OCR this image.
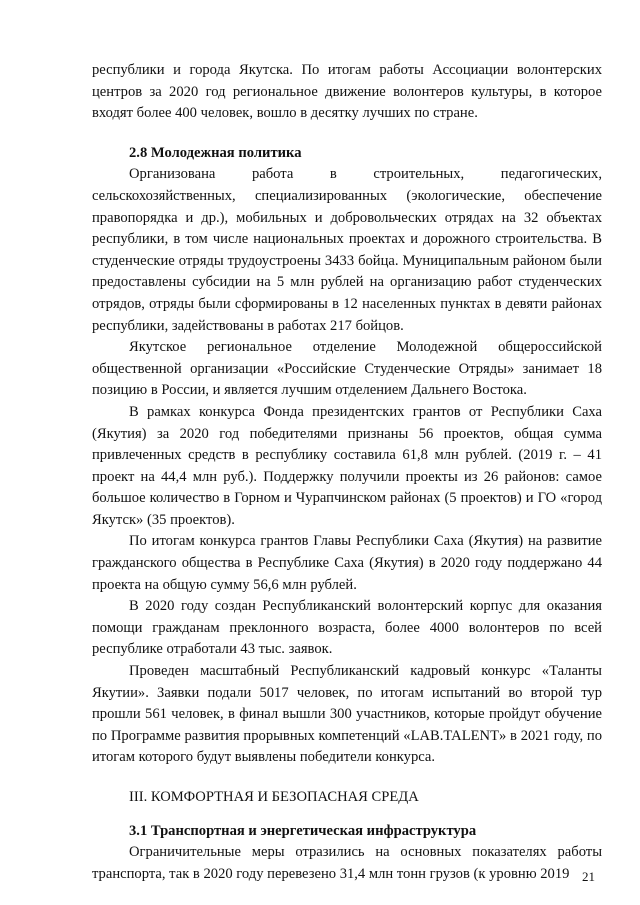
республики и города Якутска. По итогам работы Ассоциации волонтерских центров за 2020 год региональное движение волонтеров культуры, в которое входят более 400 человек, вошло в десятку лучших по стране.

2.8 Молодежная политика

Организована работа в строительных, педагогических, сельскохозяйственных, специализированных (экологические, обеспечение правопорядка и др.), мобильных и добровольческих отрядах на 32 объектах республики, в том числе национальных проектах и дорожного строительства. В студенческие отряды трудоустроены 3433 бойца. Муниципальным районом были предоставлены субсидии на 5 млн рублей на организацию работ студенческих отрядов, отряды были сформированы в 12 населенных пунктах в девяти районах республики, задействованы в работах 217 бойцов.

Якутское региональное отделение Молодежной общероссийской общественной организации «Российские Студенческие Отряды» занимает 18 позицию в России, и является лучшим отделением Дальнего Востока.

В рамках конкурса Фонда президентских грантов от Республики Саха (Якутия) за 2020 год победителями признаны 56 проектов, общая сумма привлеченных средств в республику составила 61,8 млн рублей. (2019 г. – 41 проект на 44,4 млн руб.). Поддержку получили проекты из 26 районов: самое большое количество в Горном и Чурапчинском районах (5 проектов) и ГО «город Якутск» (35 проектов).

По итогам конкурса грантов Главы Республики Саха (Якутия) на развитие гражданского общества в Республике Саха (Якутия) в 2020 году поддержано 44 проекта на общую сумму 56,6 млн рублей.

В 2020 году создан Республиканский волонтерский корпус для оказания помощи гражданам преклонного возраста, более 4000 волонтеров по всей республике отработали 43 тыс. заявок.

Проведен масштабный Республиканский кадровый конкурс «Таланты Якутии». Заявки подали 5017 человек, по итогам испытаний во второй тур прошли 561 человек, в финал вышли 300 участников, которые пройдут обучение по Программе развития прорывных компетенций «LAB.TALENT» в 2021 году, по итогам которого будут выявлены победители конкурса.

III. КОМФОРТНАЯ И БЕЗОПАСНАЯ СРЕДА

3.1 Транспортная и энергетическая инфраструктура

Ограничительные меры отразились на основных показателях работы транспорта, так в 2020 году перевезено 31,4 млн тонн грузов (к уровню 2019 21
